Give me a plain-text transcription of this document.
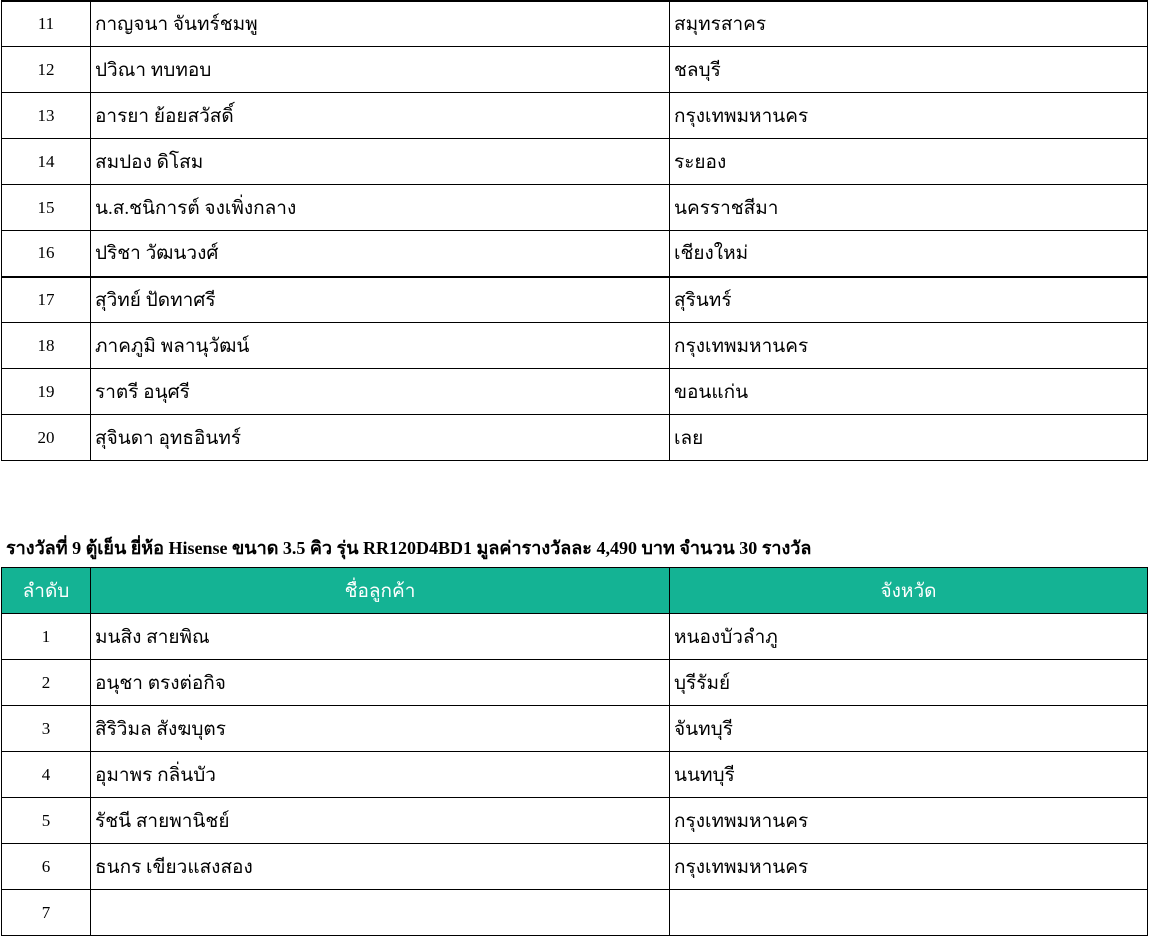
11	กาญจนา จันทร์ชมพู	สมุทรสาคร
12	ปวิณา ทบทอบ	ชลบุรี
13	อารยา ย้อยสวัสดิ์	กรุงเทพมหานคร
14	สมปอง ดิโสม	ระยอง
15	น.ส.ชนิการต์ จงเพิ่งกลาง	นครราชสีมา
16	ปริชา วัฒนวงศ์	เชียงใหม่
17	สุวิทย์ ปัดทาศรี	สุรินทร์
18	ภาคภูมิ พลานุวัฒน์	กรุงเทพมหานคร
19	ราตรี อนุศรี	ขอนแก่น
20	สุจินดา อุทธอินทร์	เลย

รางวัลที่ 9 ตู้เย็น ยี่ห้อ Hisense ขนาด 3.5 คิว รุ่น RR120D4BD1 มูลค่ารางวัลละ 4,490 บาท จำนวน 30 รางวัล

ลำดับ	ชื่อลูกค้า	จังหวัด
1	มนสิง สายพิณ	หนองบัวลำภู
2	อนุชา ตรงต่อกิจ	บุรีรัมย์
3	สิริวิมล สังฆบุตร	จันทบุรี
4	อุมาพร กลิ่นบัว	นนทบุรี
5	รัชนี สายพานิชย์	กรุงเทพมหานคร
6	ธนกร เขียวแสงสอง	กรุงเทพมหานคร
7		
